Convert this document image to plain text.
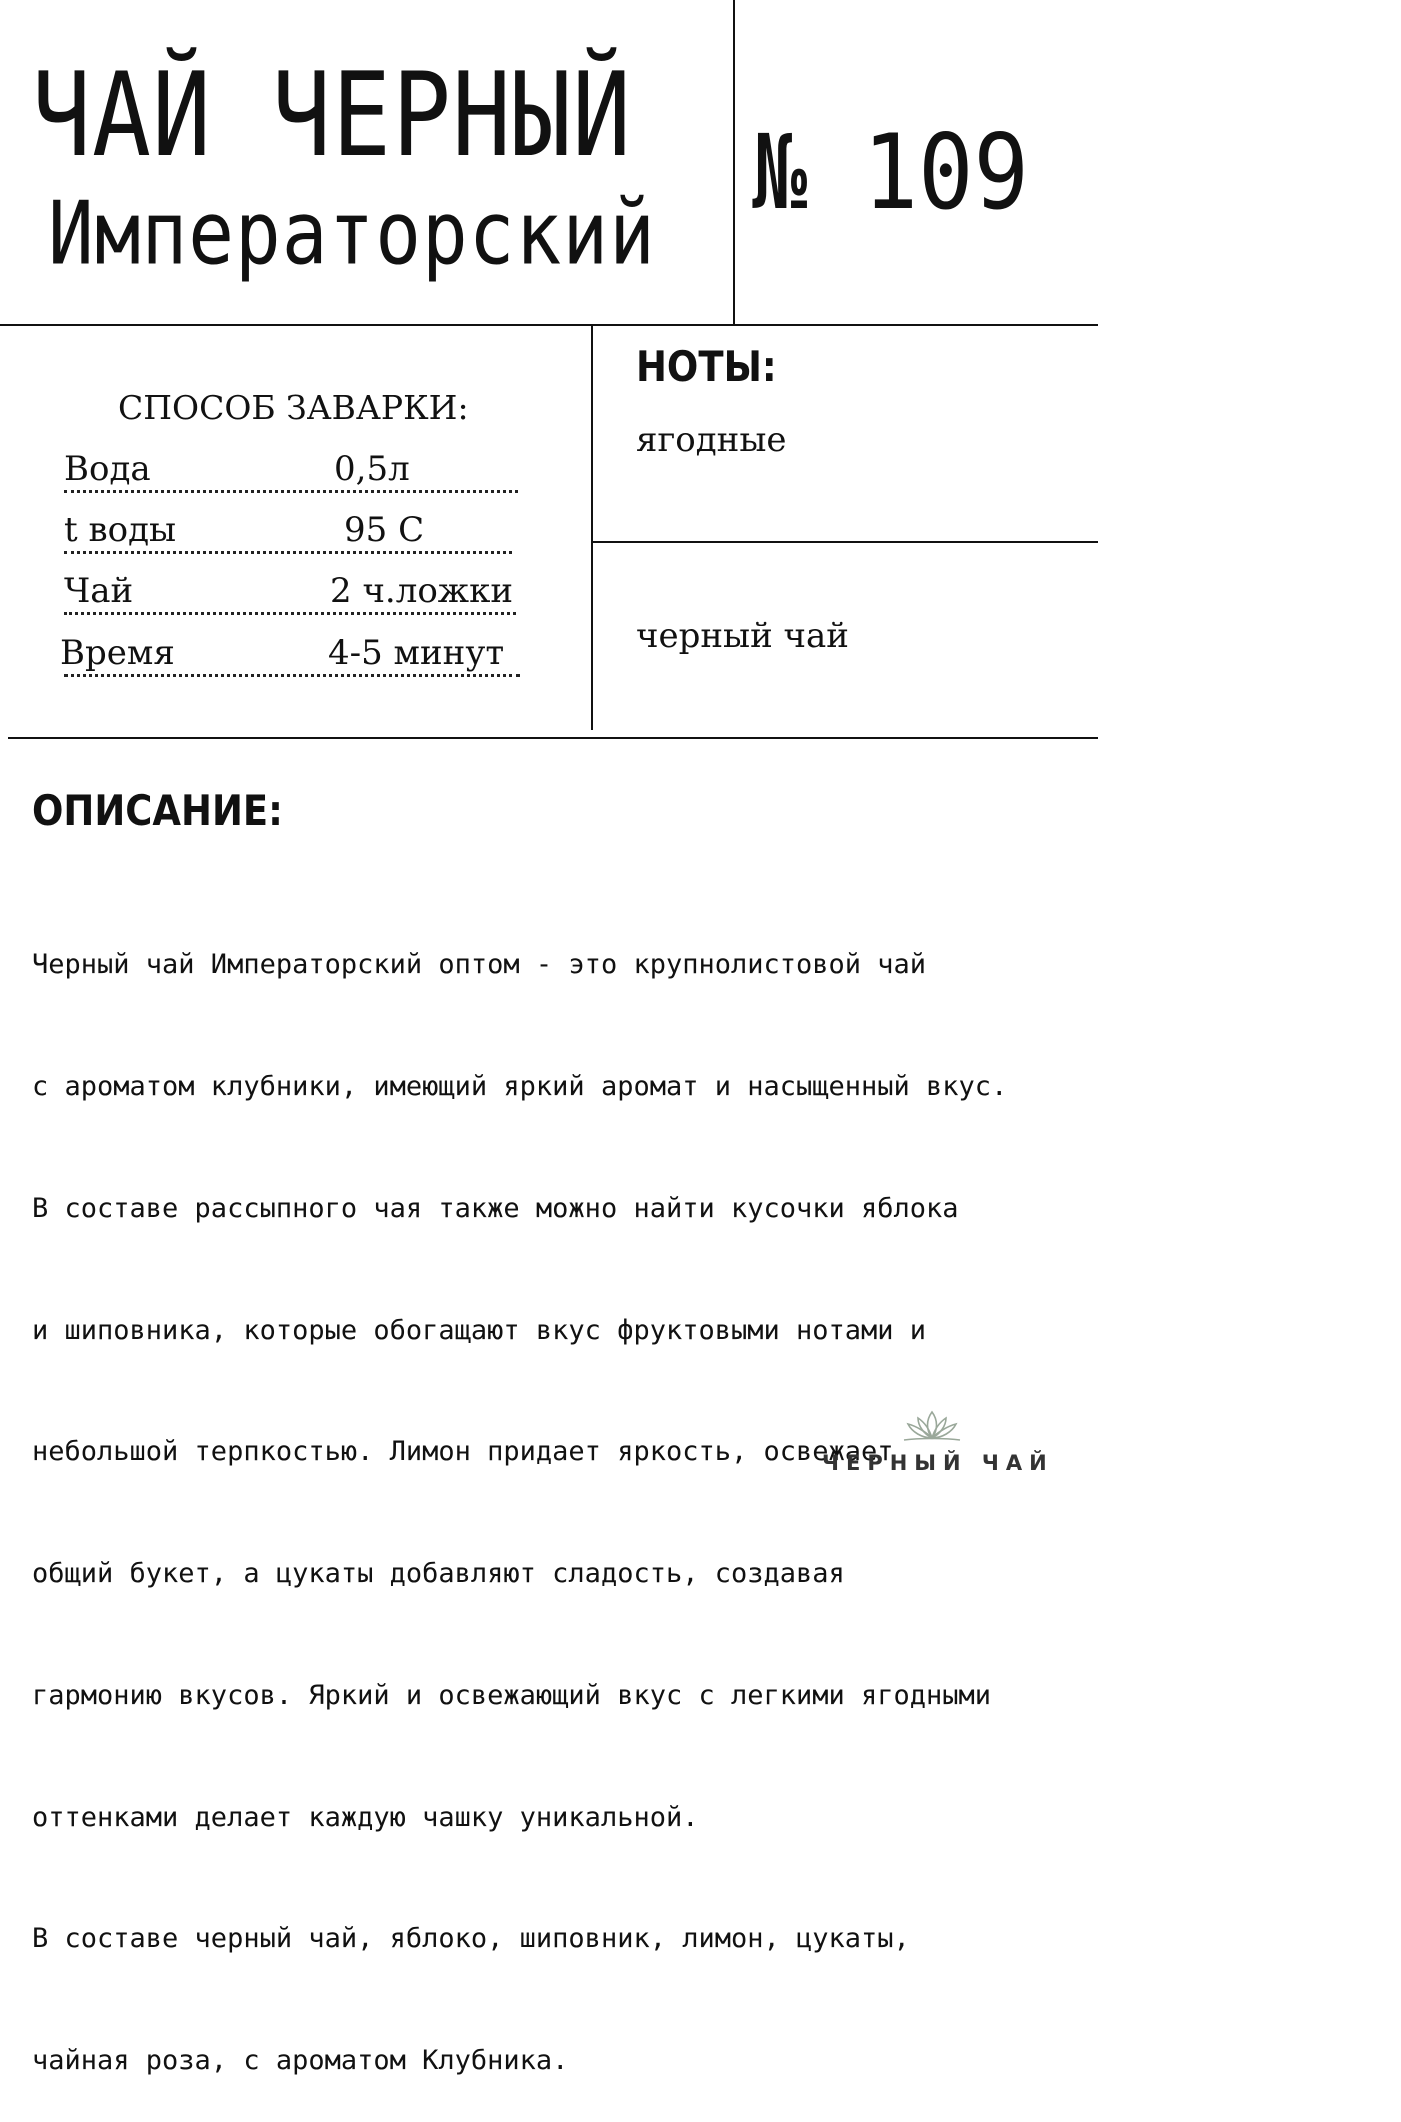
ЧАЙ ЧЕРНЫЙ
Императорский
№ 109
СПОСОБ ЗАВАРКИ:
Вода	0,5л
t воды	95 С
Чай	2 ч.ложки
Время	4-5 минут
НОТЫ:
ягодные
черный чай
ОПИСАНИЕ:

Черный чай Императорский оптом - это крупнолистовой чай

с ароматом клубники, имеющий яркий аромат и насыщенный вкус.

В составе рассыпного чая также можно найти кусочки яблока

и шиповника, которые обогащают вкус фруктовыми нотами и

небольшой терпкостью. Лимон придает яркость, освежает

общий букет, а цукаты добавляют сладость, создавая

гармонию вкусов. Яркий и освежающий вкус с легкими ягодными

оттенками делает каждую чашку уникальной.

В составе черный чай, яблоко, шиповник, лимон, цукаты,

чайная роза, с ароматом Клубника.

ЧЕРНЫЙ ЧАЙ
